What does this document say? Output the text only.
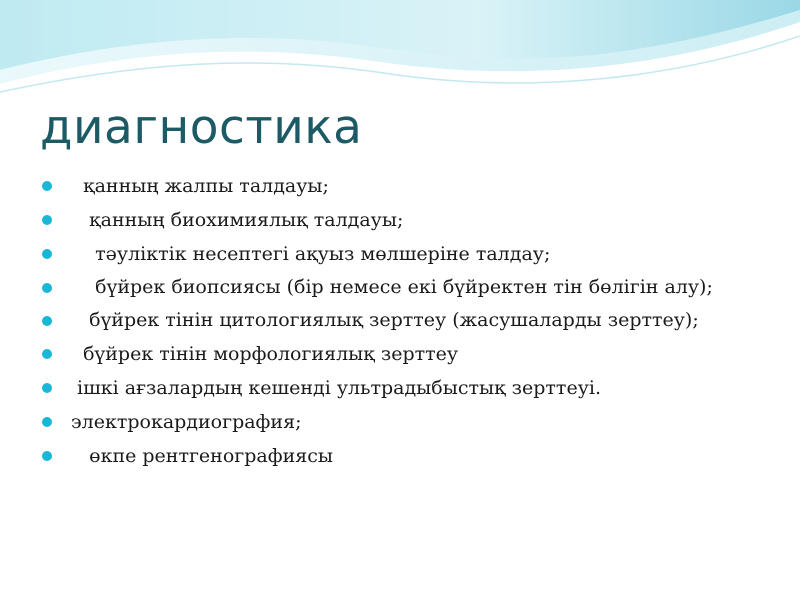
диагностика
қанның жалпы талдауы;
қанның биохимиялық талдауы;
тәуліктік несептегі ақуыз мөлшеріне талдау;
бүйрек биопсиясы (бір немесе екі бүйректен тін бөлігін алу);
бүйрек тінін цитологиялық зерттеу (жасушаларды зерттеу);
бүйрек тінін морфологиялық зерттеу
ішкі ағзалардың кешенді ультрадыбыстық зерттеуі.
электрокардиография;
өкпе рентгенографиясы
